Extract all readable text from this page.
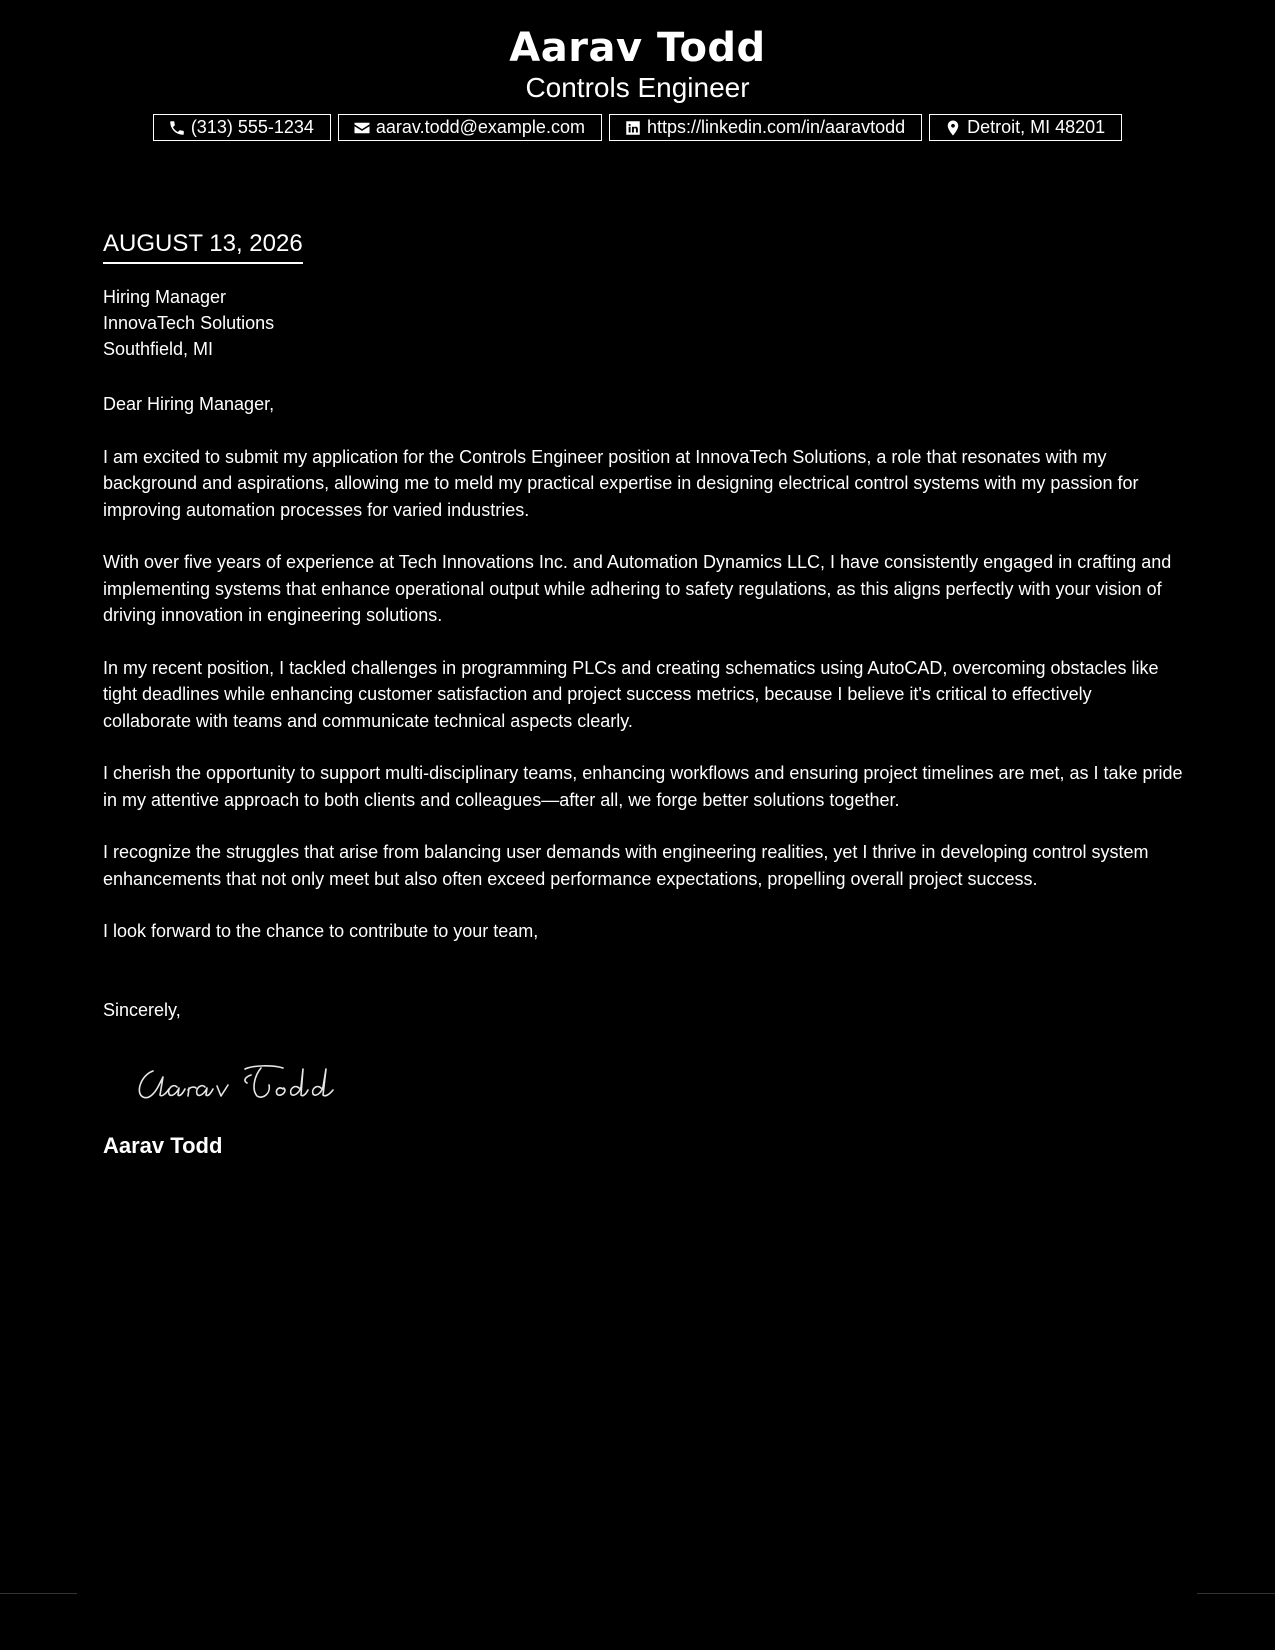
Aarav Todd
Controls Engineer
(313) 555-1234	aarav.todd@example.com	https://linkedin.com/in/aaravtodd	Detroit, MI 48201
AUGUST 13, 2026
Hiring Manager
InnovaTech Solutions
Southfield, MI
Dear Hiring Manager,

I am excited to submit my application for the Controls Engineer position at InnovaTech Solutions, a role that resonates with my background and aspirations, allowing me to meld my practical expertise in designing electrical control systems with my passion for improving automation processes for varied industries.

With over five years of experience at Tech Innovations Inc. and Automation Dynamics LLC, I have consistently engaged in crafting and implementing systems that enhance operational output while adhering to safety regulations, as this aligns perfectly with your vision of driving innovation in engineering solutions.

In my recent position, I tackled challenges in programming PLCs and creating schematics using AutoCAD, overcoming obstacles like tight deadlines while enhancing customer satisfaction and project success metrics, because I believe it's critical to effectively collaborate with teams and communicate technical aspects clearly.

I cherish the opportunity to support multi-disciplinary teams, enhancing workflows and ensuring project timelines are met, as I take pride in my attentive approach to both clients and colleagues—after all, we forge better solutions together.

I recognize the struggles that arise from balancing user demands with engineering realities, yet I thrive in developing control system enhancements that not only meet but also often exceed performance expectations, propelling overall project success.

I look forward to the chance to contribute to your team,
Sincerely,
Aarav Todd
